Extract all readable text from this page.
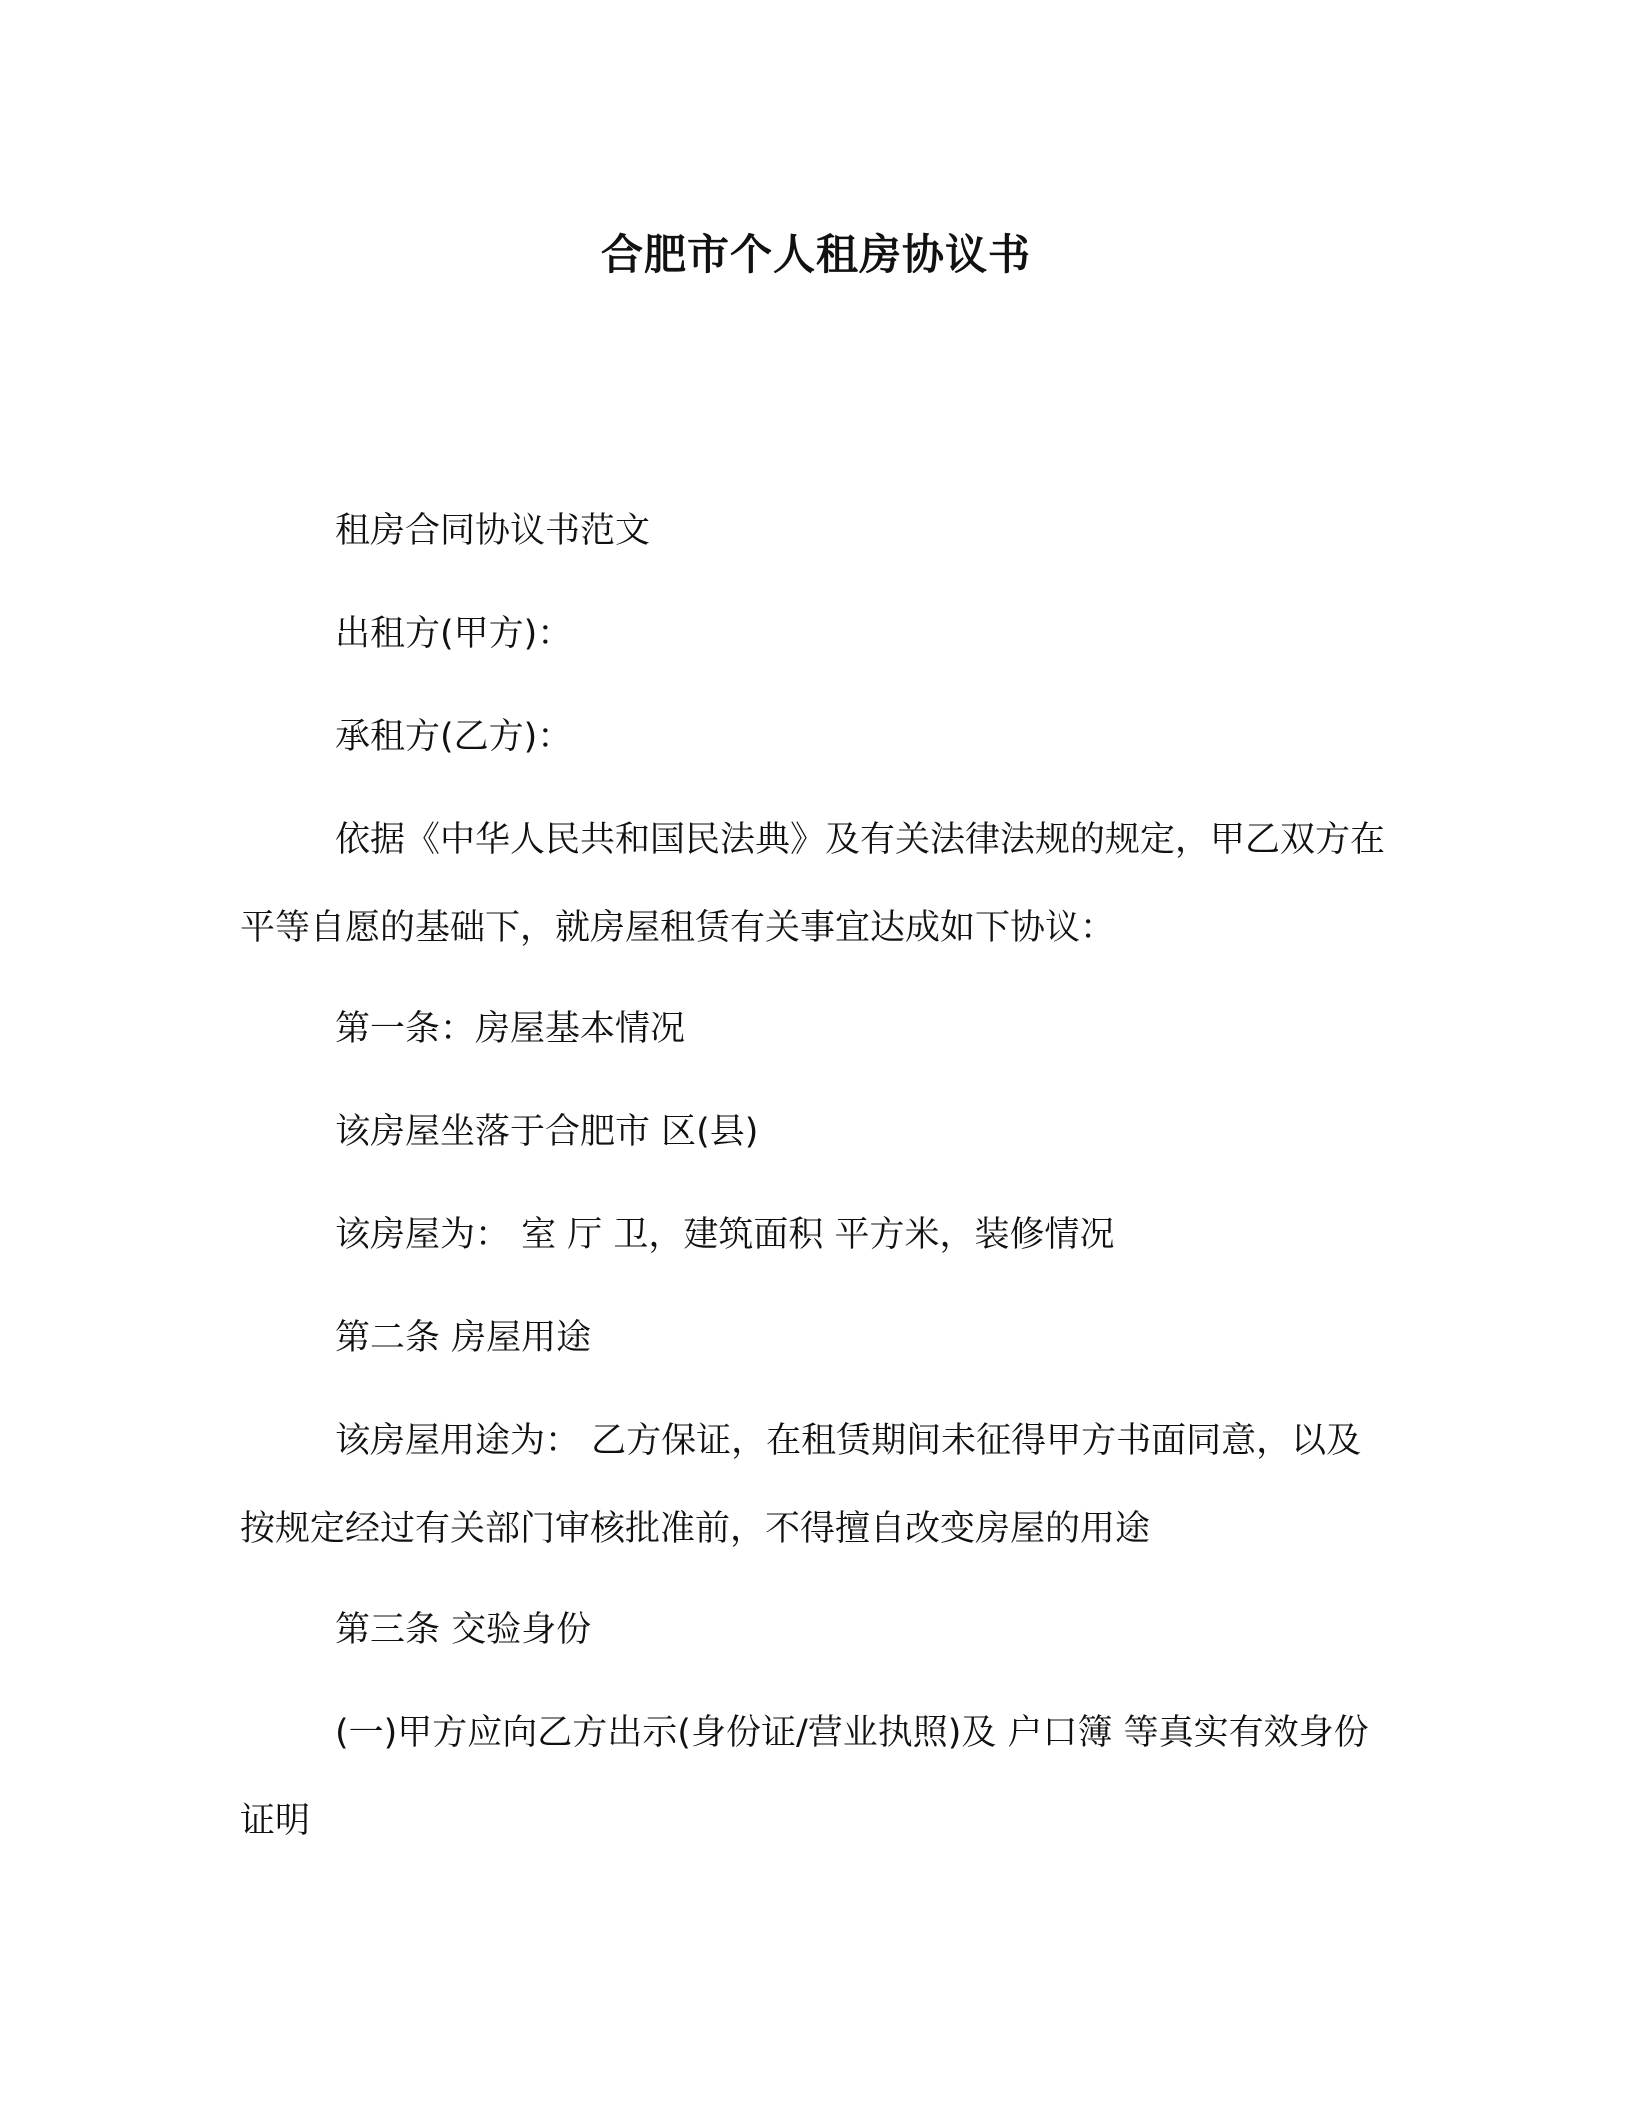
合肥市个人租房协议书

租房合同协议书范文

出租方(甲方)：

承租方(乙方)：

依据《中华人民共和国民法典》及有关法律法规的规定，甲乙双方在平等自愿的基础下，就房屋租赁有关事宜达成如下协议：

第一条：房屋基本情况

该房屋坐落于合肥市 区(县)

该房屋为： 室 厅 卫，建筑面积 平方米，装修情况

第二条 房屋用途

该房屋用途为： 乙方保证，在租赁期间未征得甲方书面同意，以及按规定经过有关部门审核批准前，不得擅自改变房屋的用途

第三条 交验身份

(一)甲方应向乙方出示(身份证/营业执照)及 户口簿 等真实有效身份证明
